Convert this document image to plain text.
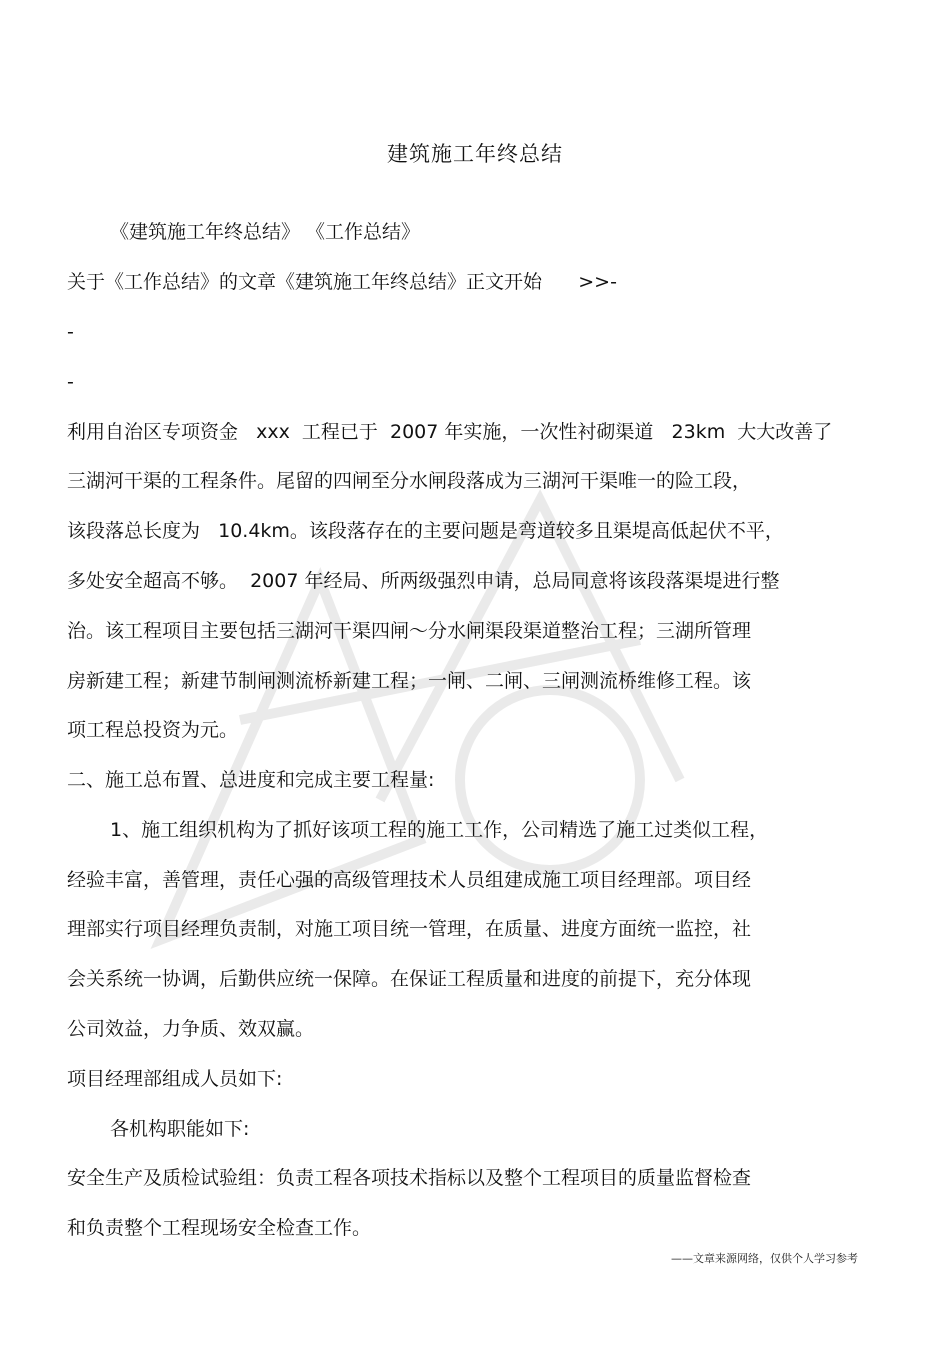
建筑施工年终总结
《建筑施工年终总结》 《工作总结》
关于《工作总结》的文章《建筑施工年终总结》正文开始      >>-
-
-
利用自治区专项资金   xxx  工程已于  2007 年实施，一次性衬砌渠道   23km  大大改善了
三湖河干渠的工程条件。尾留的四闸至分水闸段落成为三湖河干渠唯一的险工段，
该段落总长度为   10.4km。该段落存在的主要问题是弯道较多且渠堤高低起伏不平，
多处安全超高不够。  2007 年经局、所两级强烈申请，总局同意将该段落渠堤进行整
治。该工程项目主要包括三湖河干渠四闸～分水闸渠段渠道整治工程；三湖所管理
房新建工程；新建节制闸测流桥新建工程；一闸、二闸、三闸测流桥维修工程。该
项工程总投资为元。
二、施工总布置、总进度和完成主要工程量:
1、施工组织机构为了抓好该项工程的施工工作，公司精选了施工过类似工程，
经验丰富，善管理，责任心强的高级管理技术人员组建成施工项目经理部。项目经
理部实行项目经理负责制，对施工项目统一管理，在质量、进度方面统一监控，社
会关系统一协调，后勤供应统一保障。在保证工程质量和进度的前提下，充分体现
公司效益，力争质、效双赢。
项目经理部组成人员如下:
各机构职能如下:
安全生产及质检试验组：负责工程各项技术指标以及整个工程项目的质量监督检查
和负责整个工程现场安全检查工作。
——文章来源网络，仅供个人学习参考
